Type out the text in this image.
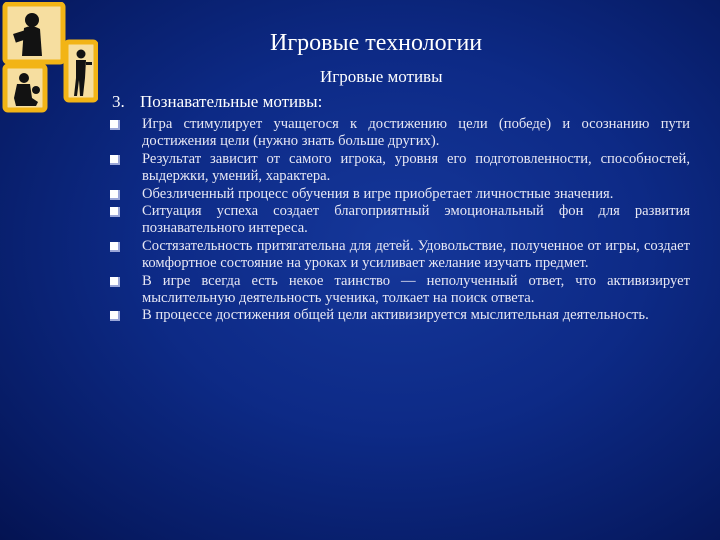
Игровые технологии
Игровые мотивы
3. Познавательные мотивы:
Игра стимулирует учащегося к достижению цели (победе) и осознанию пути достижения цели (нужно знать больше других).
Результат зависит от самого игрока, уровня его подготовленности, способностей, выдержки, умений, характера.
Обезличенный процесс обучения в игре приобретает личностные значения.
Ситуация успеха создает благоприятный эмоциональный фон для развития познавательного интереса.
Состязательность притягательна для детей. Удовольствие, полученное от игры, создает комфортное состояние на уроках и усиливает желание изучать предмет.
В игре всегда есть некое таинство — неполученный ответ, что активизирует мыслительную деятельность ученика, толкает на поиск ответа.
В процессе достижения общей цели активизируется мыслительная деятельность.
